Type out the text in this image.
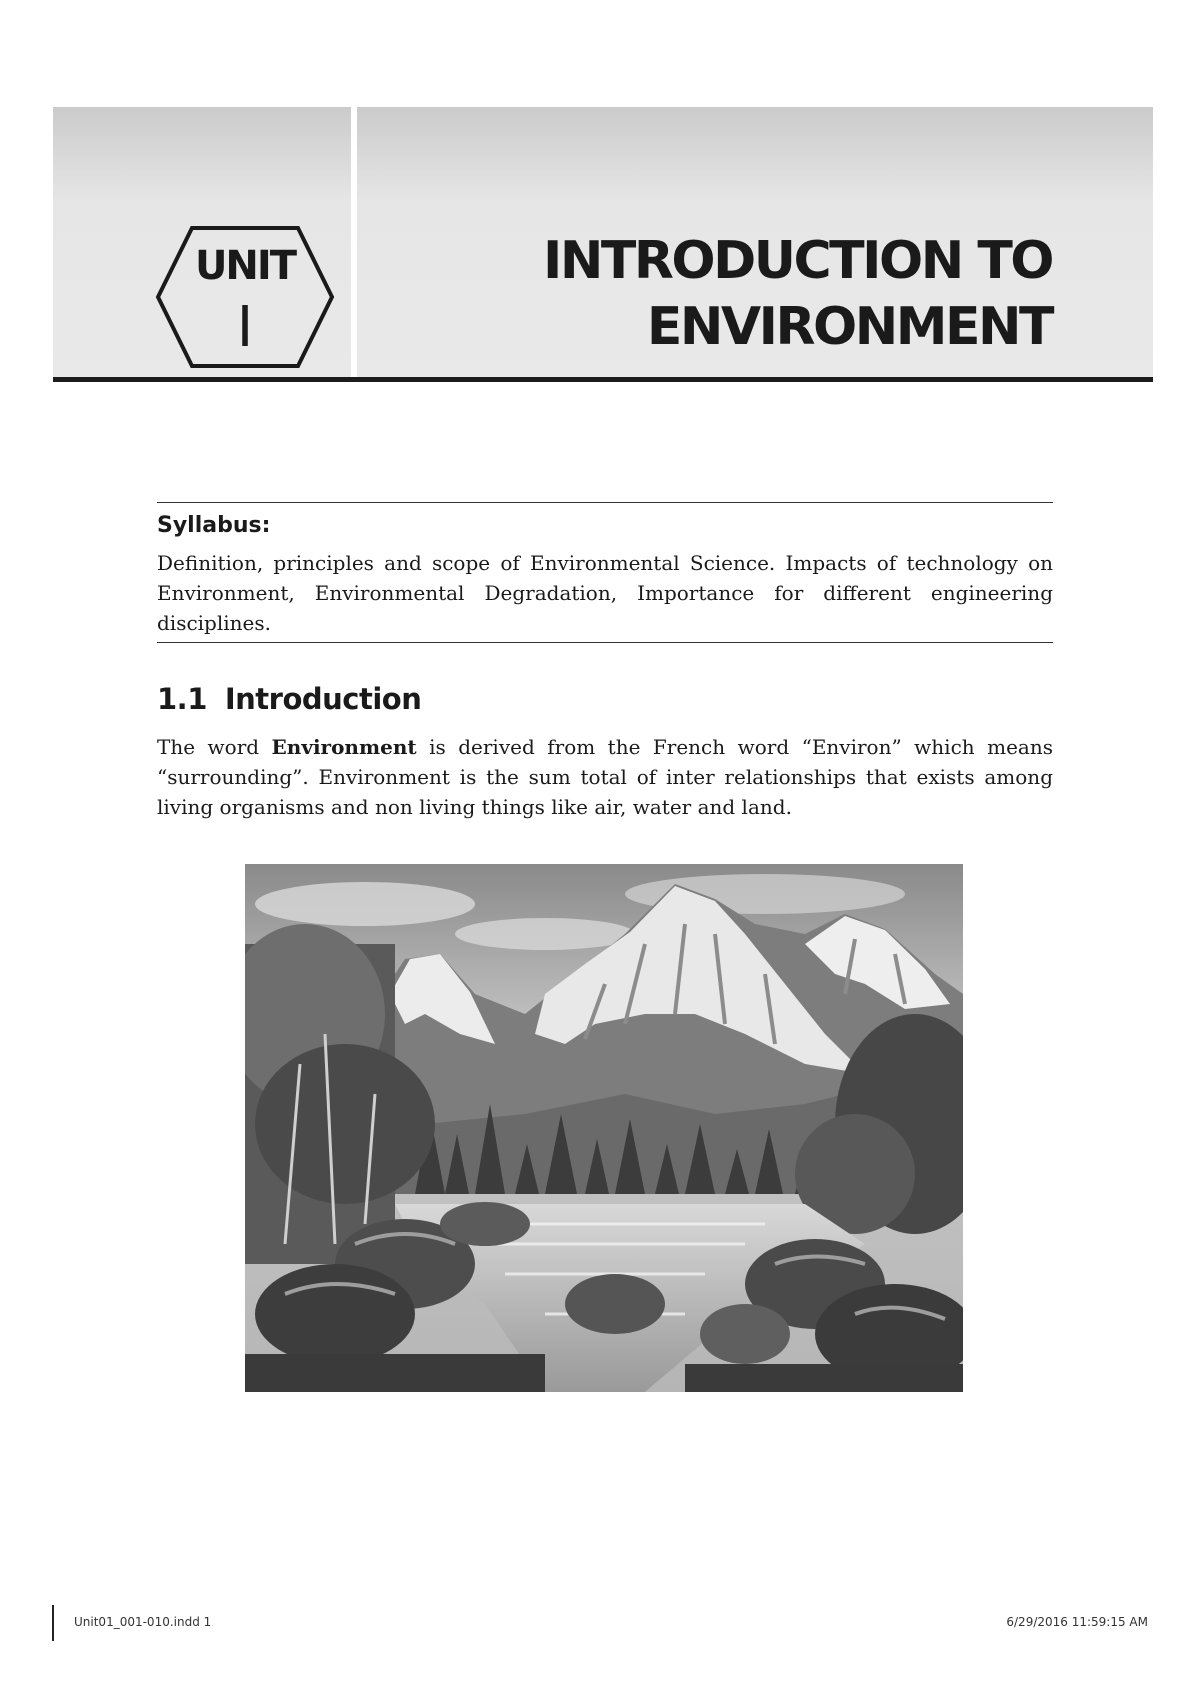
UNIT
I
INTRODUCTION TO
ENVIRONMENT
Syllabus:
Definition, principles and scope of Environmental Science. Impacts of technology on Environment, Environmental Degradation, Importance for different engineering disciplines.
1.1 Introduction
The word Environment is derived from the French word “Environ” which means “surrounding”. Environment is the sum total of inter relationships that exists among living organisms and non living things like air, water and land.
Unit01_001-010.indd 1	6/29/2016 11:59:15 AM
